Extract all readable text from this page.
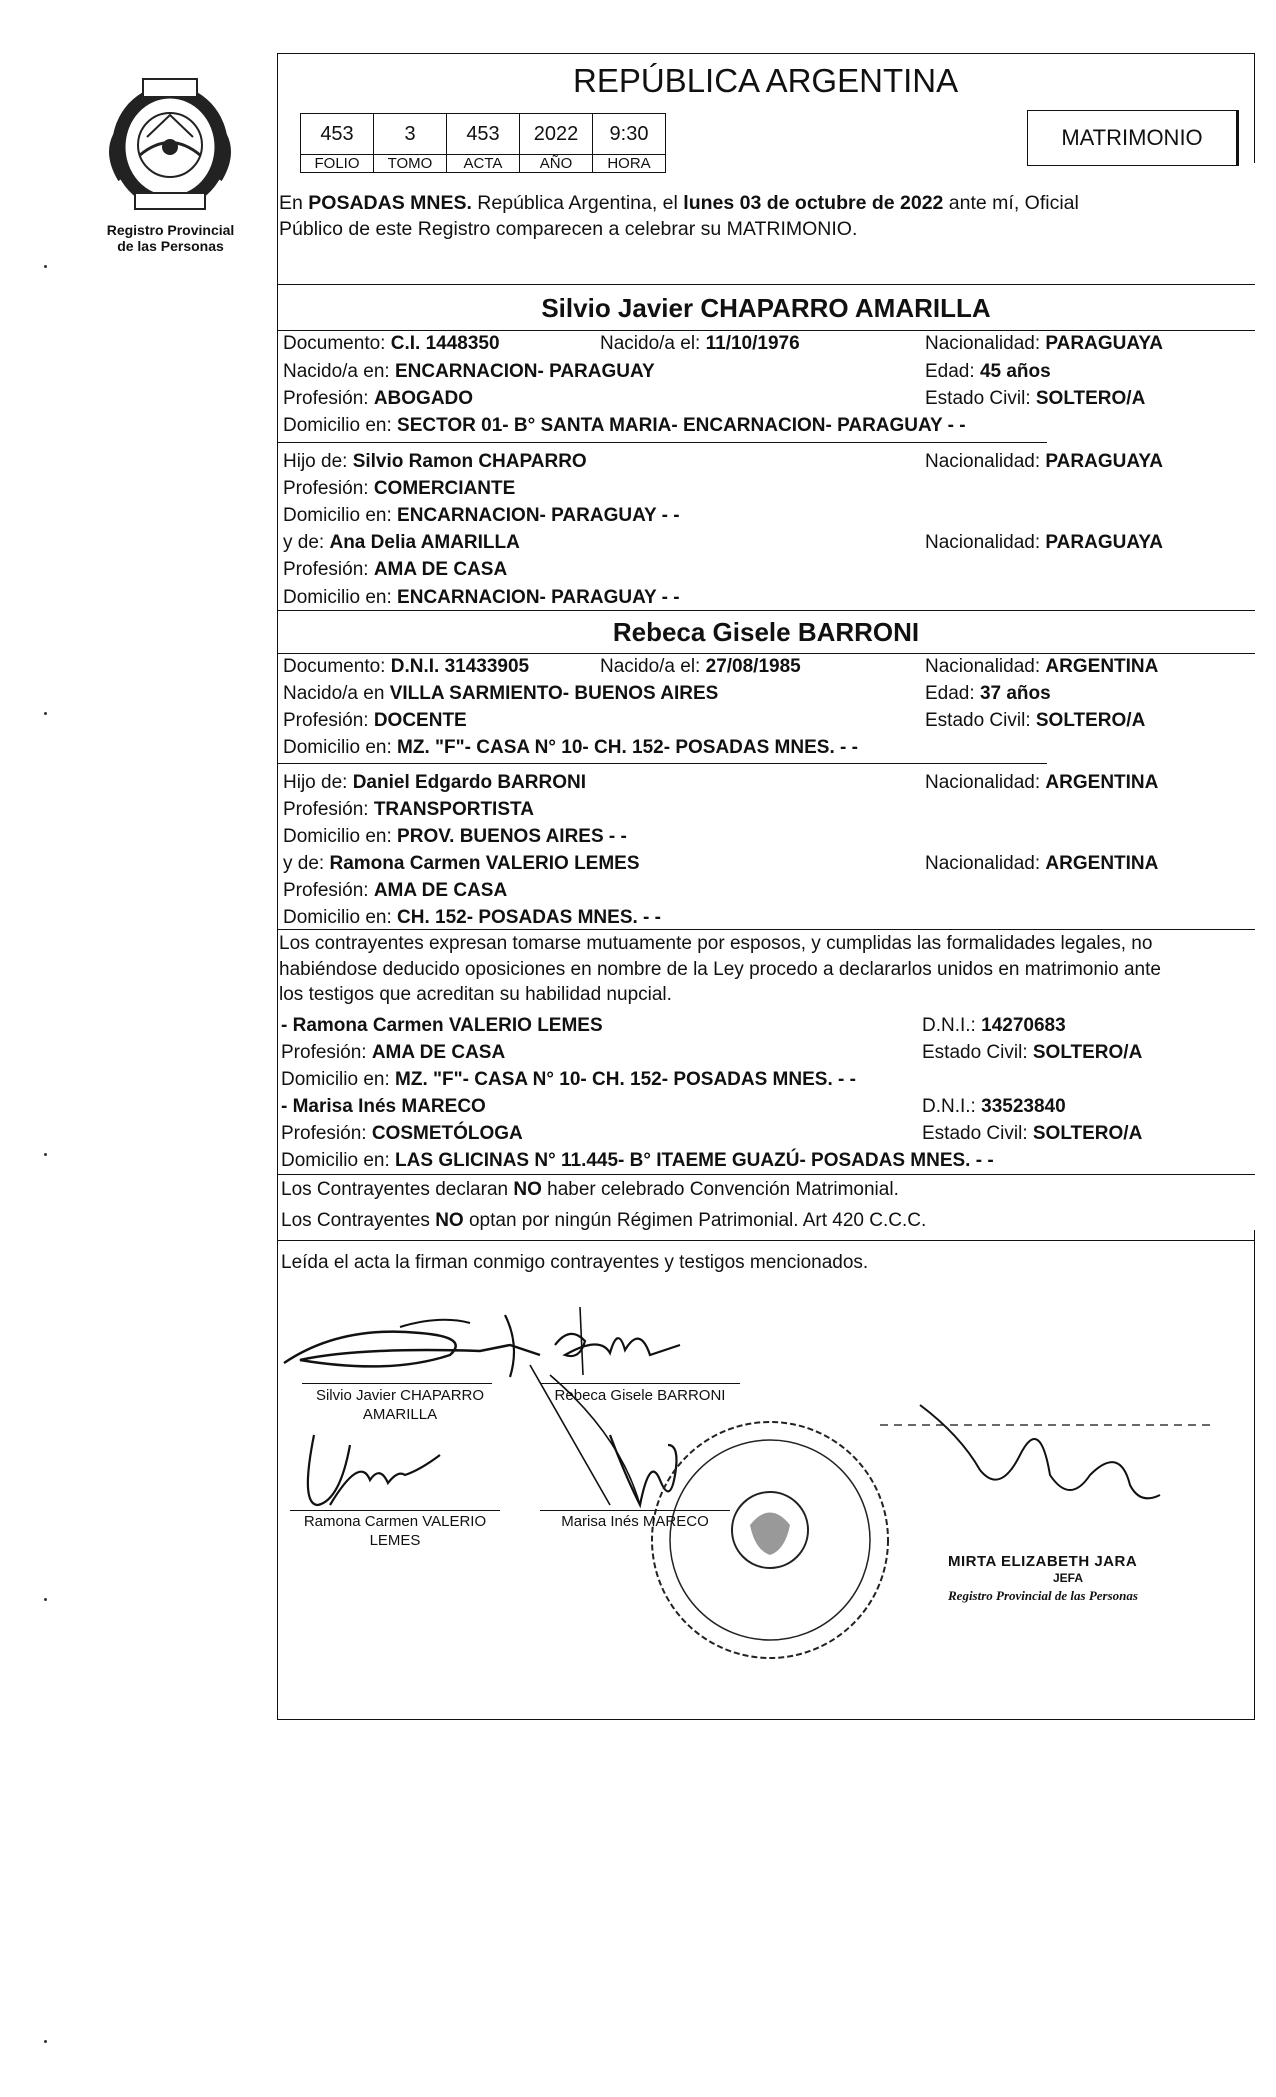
Registro Provincial
de las Personas
REPÚBLICA ARGENTINA
453	3	453	2022	9:30
FOLIO	TOMO	ACTA	AÑO	HORA
MATRIMONIO
En POSADAS MNES. República Argentina, el lunes 03 de octubre de 2022 ante mí, Oficial
Público de este Registro comparecen a celebrar su MATRIMONIO.
Silvio Javier CHAPARRO AMARILLA
Documento: C.I. 1448350	Nacido/a el: 11/10/1976	Nacionalidad: PARAGUAYA
Nacido/a en: ENCARNACION- PARAGUAY	Edad: 45 años
Profesión: ABOGADO	Estado Civil: SOLTERO/A
Domicilio en: SECTOR 01- B° SANTA MARIA- ENCARNACION- PARAGUAY - -
Hijo de: Silvio Ramon CHAPARRO	Nacionalidad: PARAGUAYA
Profesión: COMERCIANTE
Domicilio en: ENCARNACION- PARAGUAY - -
y de: Ana Delia AMARILLA	Nacionalidad: PARAGUAYA
Profesión: AMA DE CASA
Domicilio en: ENCARNACION- PARAGUAY - -
Rebeca Gisele BARRONI
Documento: D.N.I. 31433905	Nacido/a el: 27/08/1985	Nacionalidad: ARGENTINA
Nacido/a en VILLA SARMIENTO- BUENOS AIRES	Edad: 37 años
Profesión: DOCENTE	Estado Civil: SOLTERO/A
Domicilio en: MZ. "F"- CASA N° 10- CH. 152- POSADAS MNES. - -
Hijo de: Daniel Edgardo BARRONI	Nacionalidad: ARGENTINA
Profesión: TRANSPORTISTA
Domicilio en: PROV. BUENOS AIRES - -
y de: Ramona Carmen VALERIO LEMES	Nacionalidad: ARGENTINA
Profesión: AMA DE CASA
Domicilio en: CH. 152- POSADAS MNES. - -
Los contrayentes expresan tomarse mutuamente por esposos, y cumplidas las formalidades legales, no
habiéndose deducido oposiciones en nombre de la Ley procedo a declararlos unidos en matrimonio ante
los testigos que acreditan su habilidad nupcial.
- Ramona Carmen VALERIO LEMES	D.N.I.: 14270683
Profesión: AMA DE CASA	Estado Civil: SOLTERO/A
Domicilio en: MZ. "F"- CASA N° 10- CH. 152- POSADAS MNES. - -
- Marisa Inés MARECO	D.N.I.: 33523840
Profesión: COSMETÓLOGA	Estado Civil: SOLTERO/A
Domicilio en: LAS GLICINAS N° 11.445- B° ITAEME GUAZÚ- POSADAS MNES. - -
Los Contrayentes declaran NO haber celebrado Convención Matrimonial.
Los Contrayentes NO optan por ningún Régimen Patrimonial. Art 420 C.C.C.
Leída el acta la firman conmigo contrayentes y testigos mencionados.
Silvio Javier CHAPARRO
AMARILLA
Rebeca Gisele BARRONI
Ramona Carmen VALERIO
LEMES
Marisa Inés MARECO
MIRTA ELIZABETH JARA
JEFA
Registro Provincial de las Personas
